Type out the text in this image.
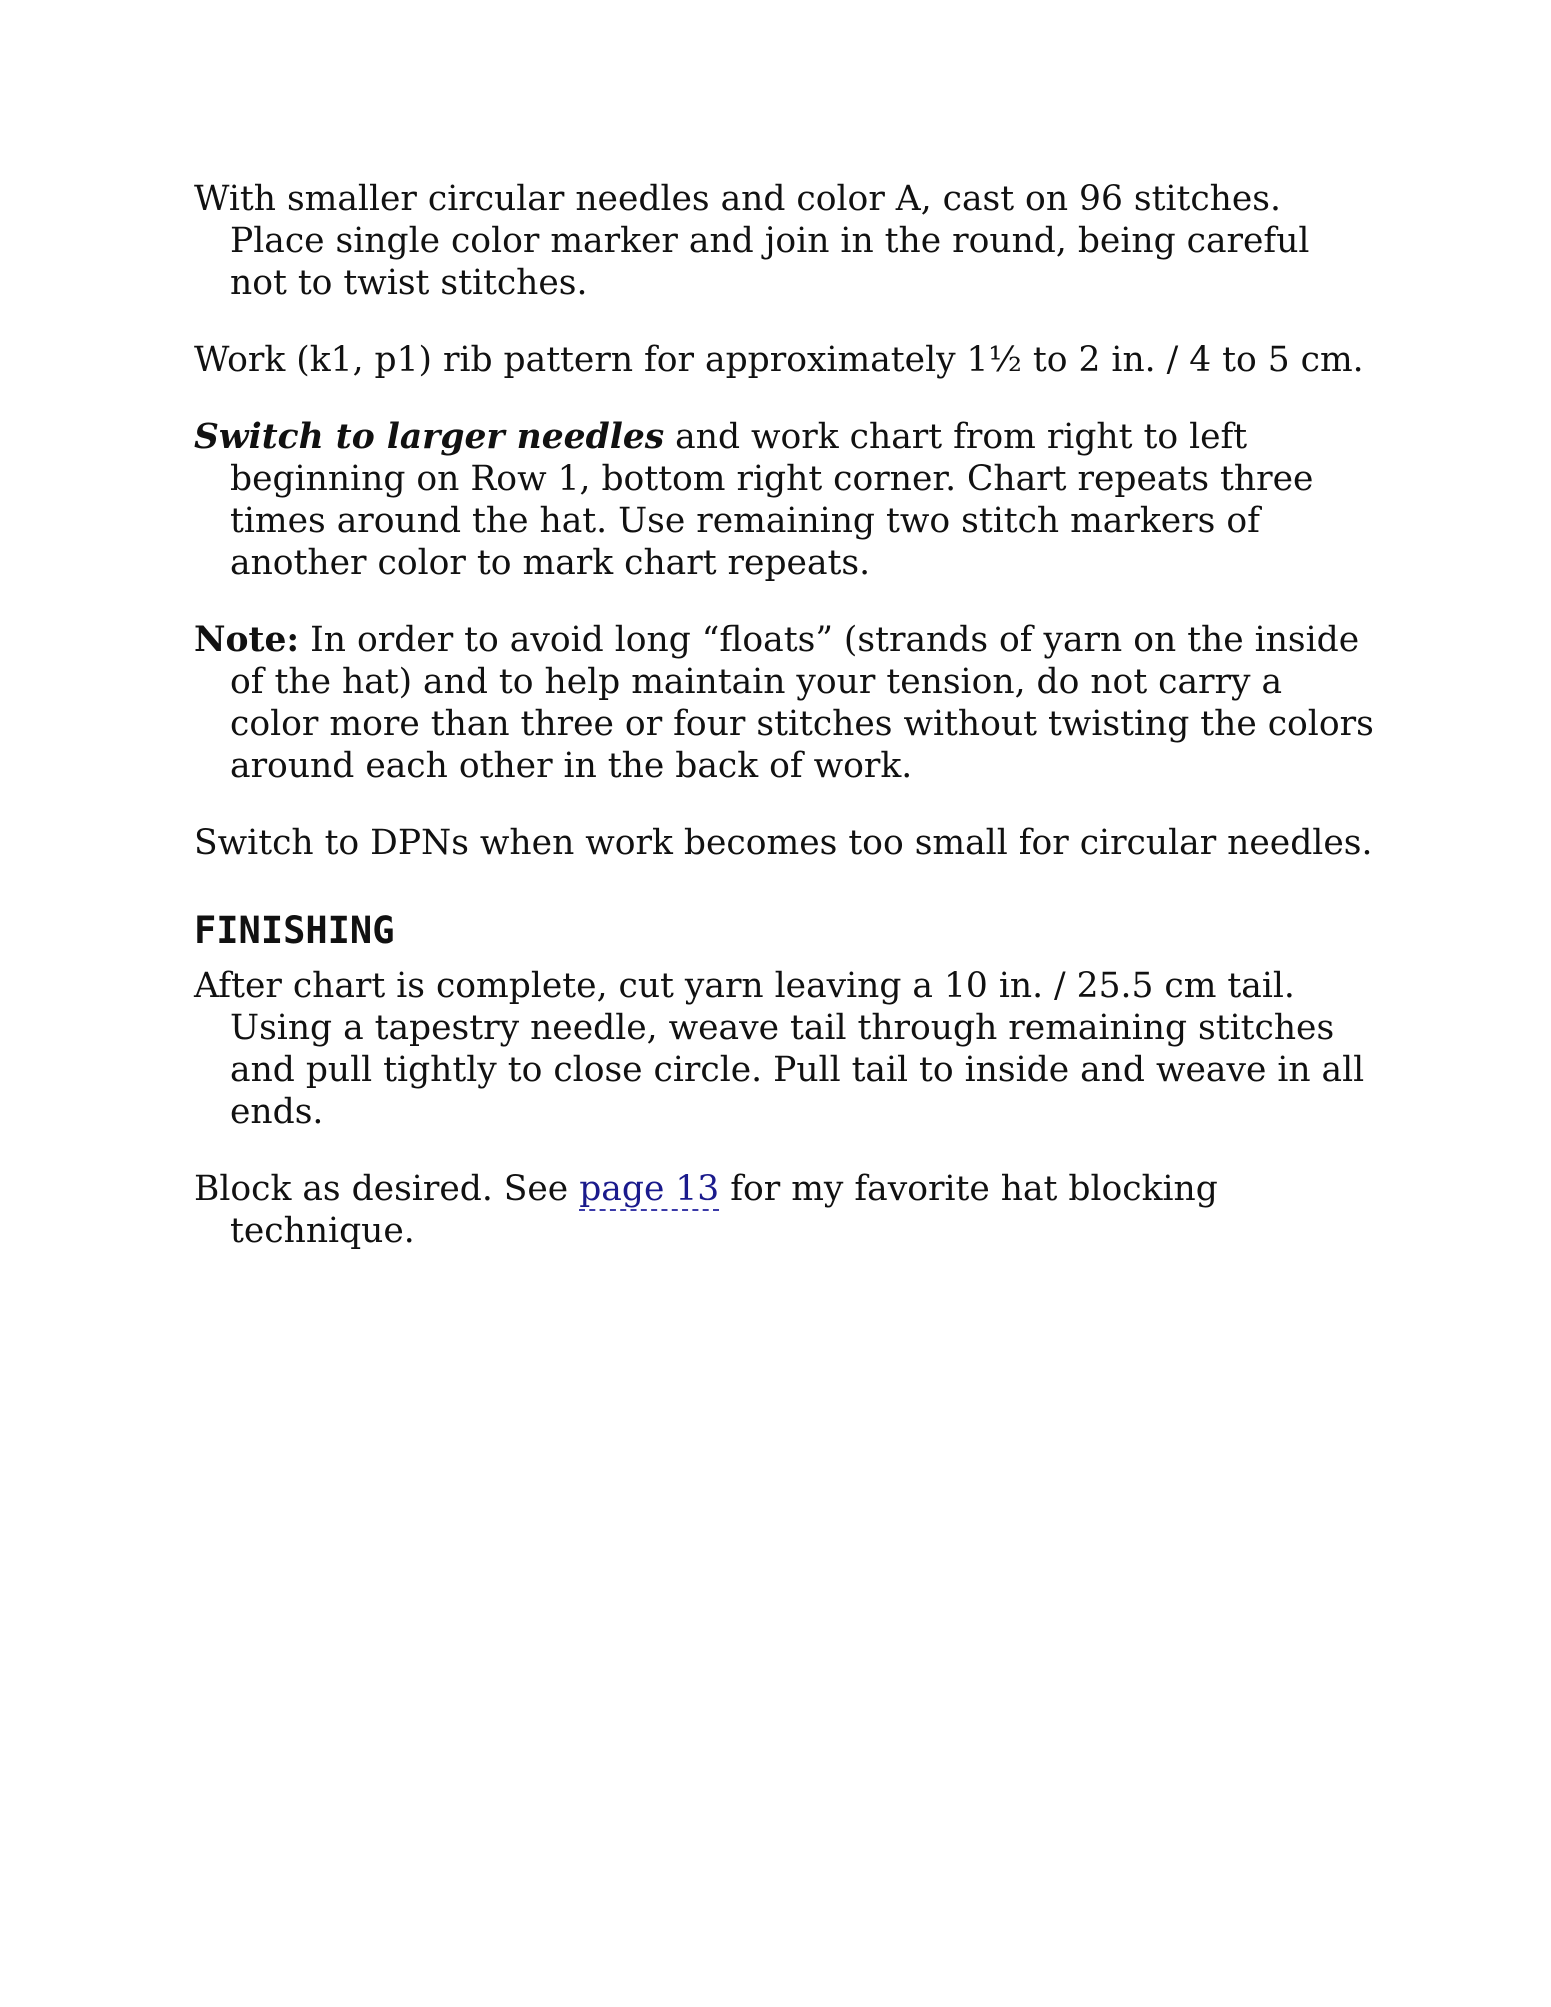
With smaller circular needles and color A, cast on 96 stitches. Place single color marker and join in the round, being careful not to twist stitches.

Work (k1, p1) rib pattern for approximately 1½ to 2 in. / 4 to 5 cm.

Switch to larger needles and work chart from right to left beginning on Row 1, bottom right corner. Chart repeats three times around the hat. Use remaining two stitch markers of another color to mark chart repeats.

Note: In order to avoid long “floats” (strands of yarn on the inside of the hat) and to help maintain your tension, do not carry a color more than three or four stitches without twisting the colors around each other in the back of work.

Switch to DPNs when work becomes too small for circular needles.

FINISHING

After chart is complete, cut yarn leaving a 10 in. / 25.5 cm tail. Using a tapestry needle, weave tail through remaining stitches and pull tightly to close circle. Pull tail to inside and weave in all ends.

Block as desired. See page 13 for my favorite hat blocking technique.
